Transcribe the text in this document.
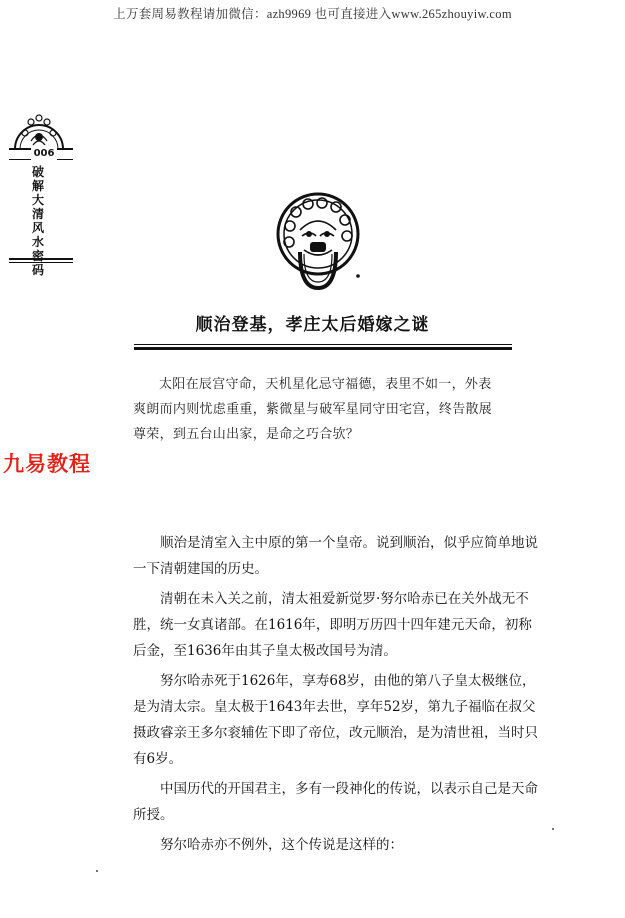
上万套周易教程请加微信：azh9969 也可直接进入www.265zhouyiw.com
006
破解大清风水密码
顺治登基，孝庄太后婚嫁之谜
太阳在辰宫守命，天机星化忌守福德，表里不如一，外表爽朗而内则忧虑重重，紫微星与破军星同守田宅宫，终告散展尊荣，到五台山出家，是命之巧合欤？
九易教程

顺治是清室入主中原的第一个皇帝。说到顺治，似乎应简单地说一下清朝建国的历史。

清朝在未入关之前，清太祖爱新觉罗·努尔哈赤已在关外战无不胜，统一女真诸部。在1616年，即明万历四十四年建元天命，初称后金，至1636年由其子皇太极改国号为清。

努尔哈赤死于1626年，享寿68岁，由他的第八子皇太极继位，是为清太宗。皇太极于1643年去世，享年52岁，第九子福临在叔父摄政睿亲王多尔衮辅佐下即了帝位，改元顺治，是为清世祖，当时只有6岁。

中国历代的开国君主，多有一段神化的传说，以表示自己是天命所授。

努尔哈赤亦不例外，这个传说是这样的：
